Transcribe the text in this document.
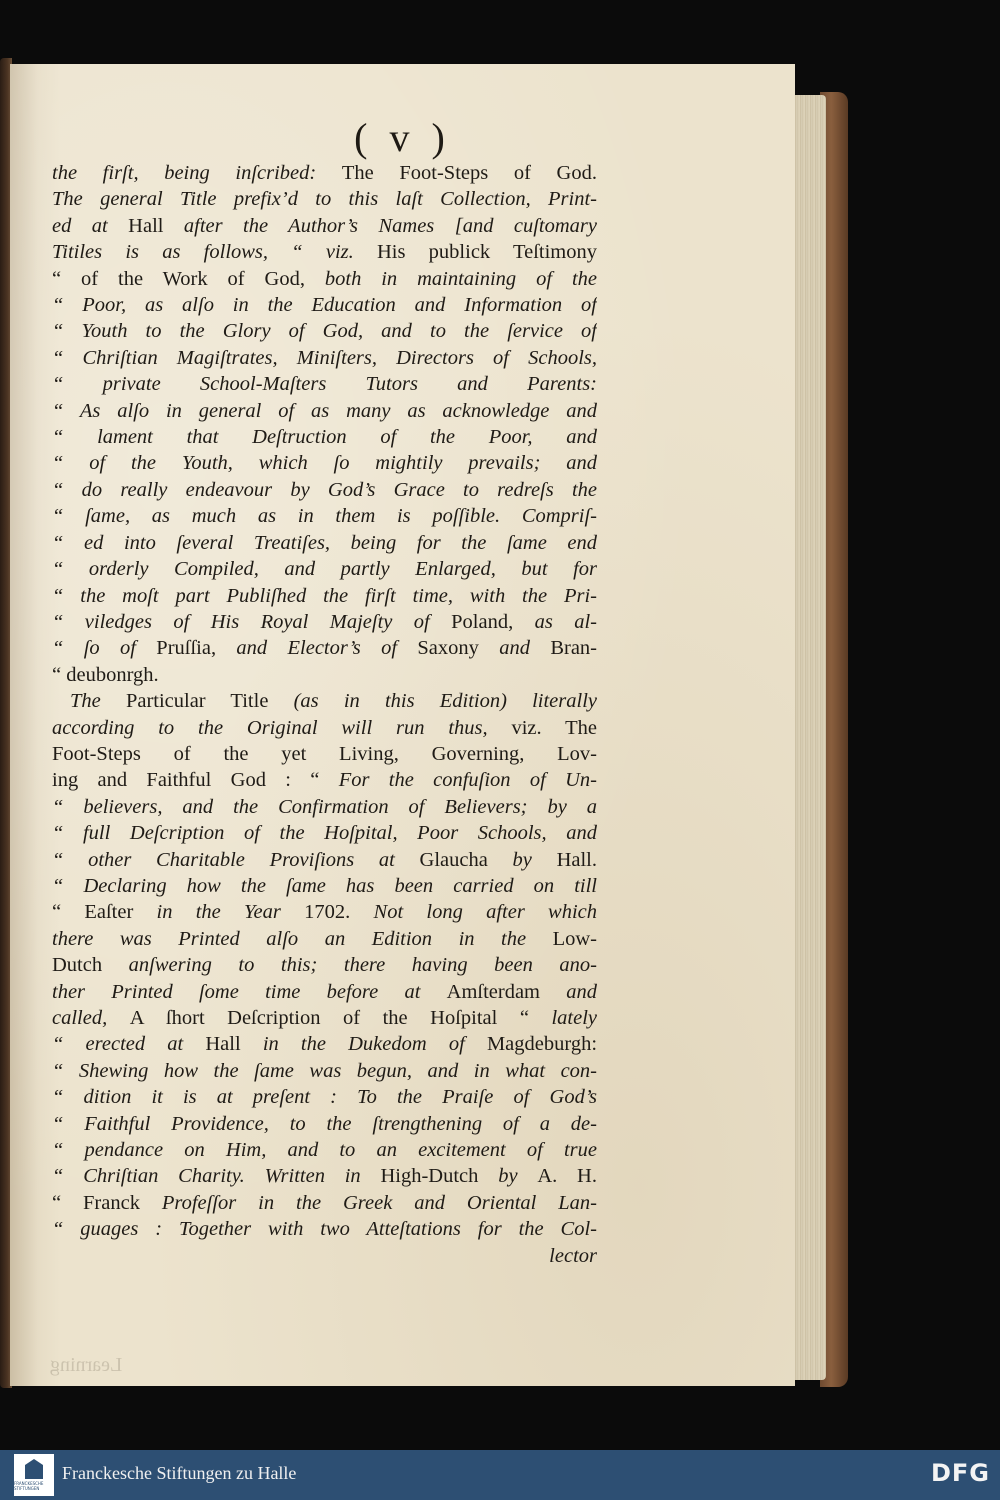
( v )
the firſt, being inſcribed: The Foot-Steps of God.
The general Title prefix’d to this laſt Collection, Print-
ed at Hall after the Author’s Names [and cuſtomary
Titiles is as follows, “ viz. His publick Teſtimony
“ of the Work of God, both in maintaining of the
“ Poor, as alſo in the Education and Information of
“ Youth to the Glory of God, and to the ſervice of
“ Chriſtian Magiſtrates, Miniſters, Directors of Schools,
“ private School-Maſters Tutors and Parents:
“ As alſo in general of as many as acknowledge and
“ lament that Deſtruction of the Poor, and
“ of the Youth, which ſo mightily prevails; and
“ do really endeavour by God’s Grace to redreſs the
“ ſame, as much as in them is poſſible. Compriſ-
“ ed into ſeveral Treatiſes, being for the ſame end
“ orderly Compiled, and partly Enlarged, but for
“ the moſt part Publiſhed the firſt time, with the Pri-
“ viledges of His Royal Majeſty of Poland, as al-
“ ſo of Pruſſia, and Elector’s of Saxony and Bran-
“ deubonrgh.
The Particular Title (as in this Edition) literally
according to the Original will run thus, viz. The
Foot-Steps of the yet Living, Governing, Lov-
ing and Faithful God : “ For the confuſion of Un-
“ believers, and the Confirmation of Believers; by a
“ full Deſcription of the Hoſpital, Poor Schools, and
“ other Charitable Proviſions at Glaucha by Hall.
“ Declaring how the ſame has been carried on till
“ Eaſter in the Year 1702. Not long after which
there was Printed alſo an Edition in the Low-
Dutch anſwering to this; there having been ano-
ther Printed ſome time before at Amſterdam and
called, A ſhort Deſcription of the Hoſpital “ lately
“ erected at Hall in the Dukedom of Magdeburgh:
“ Shewing how the ſame was begun, and in what con-
“ dition it is at preſent : To the Praiſe of God’s
“ Faithful Providence, to the ſtrengthening of a de-
“ pendance on Him, and to an excitement of true
“ Chriſtian Charity. Written in High-Dutch by A. H.
“ Franck Profeſſor in the Greek and Oriental Lan-
“ guages : Together with two Atteſtations for the Col-
lector
Learning
FRANCKESCHE STIFTUNGEN
Franckesche Stiftungen zu Halle	DFG
